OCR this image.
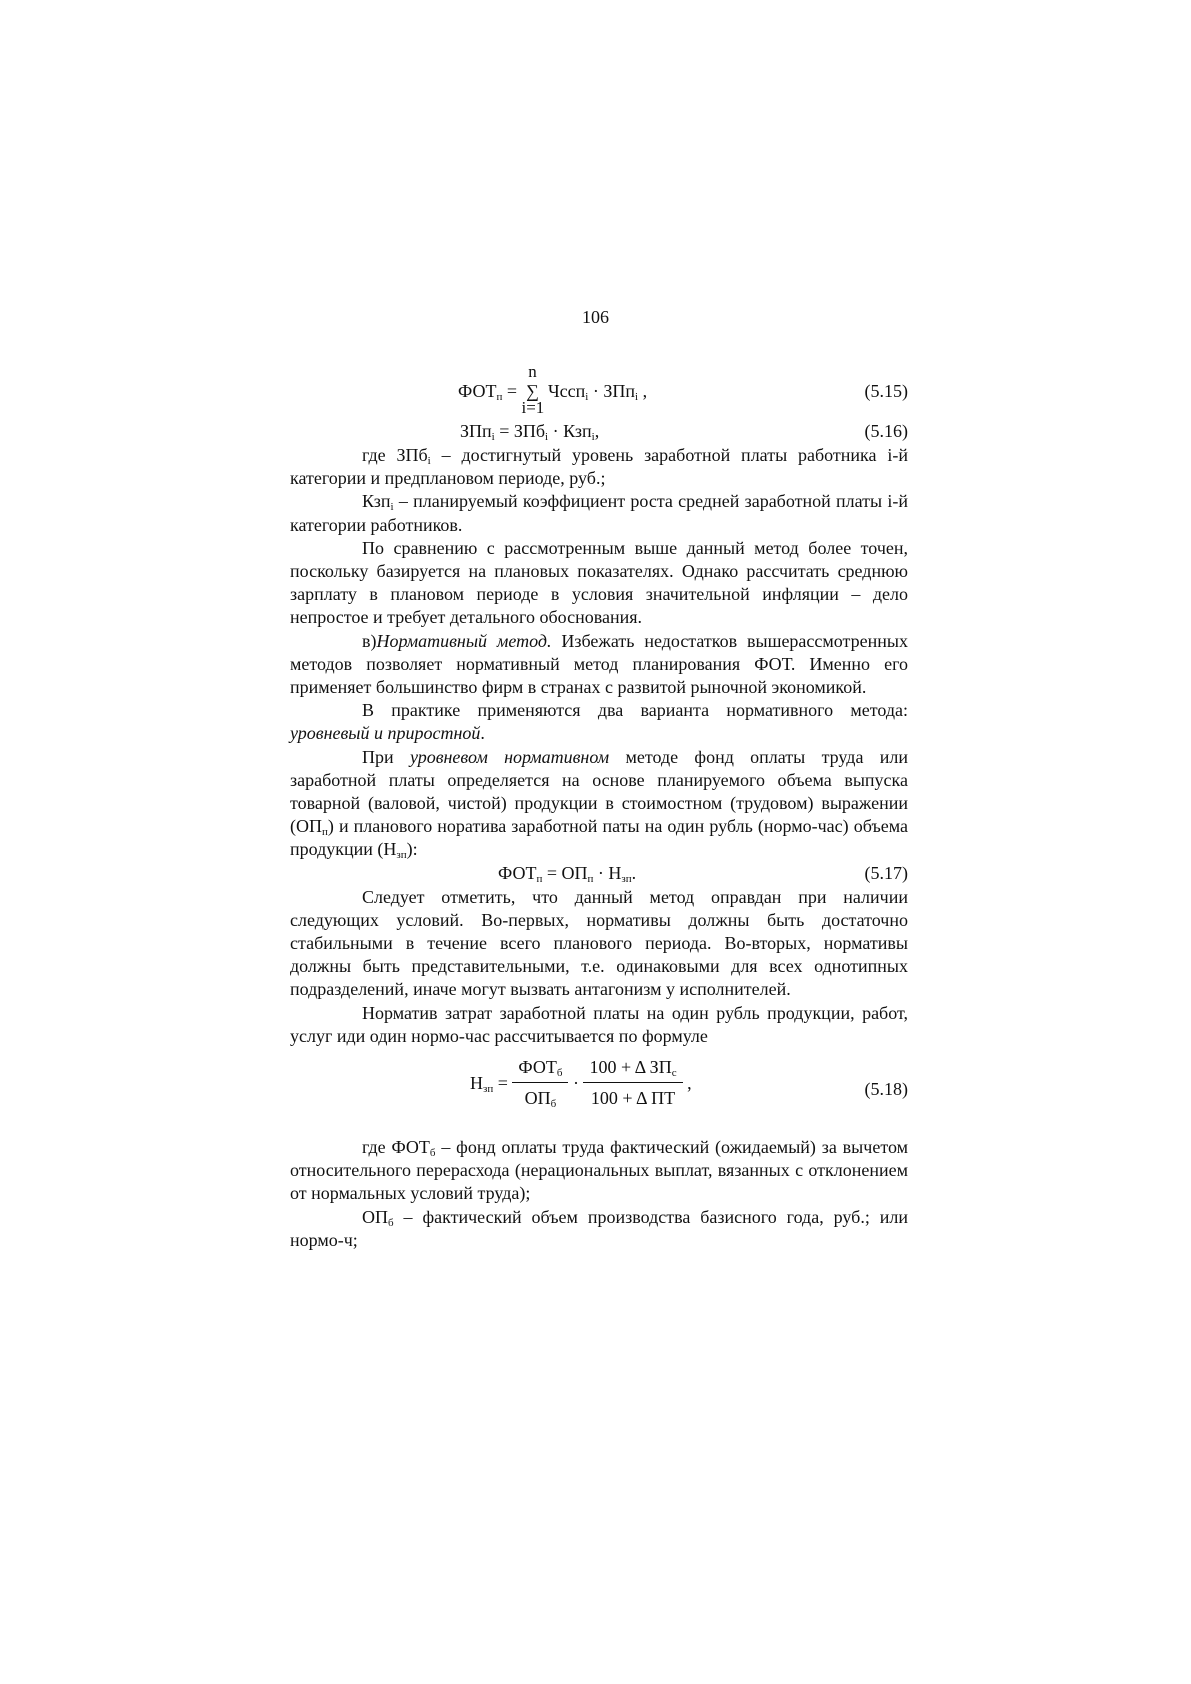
106
$ФОТ_п$ =
n
∑
i=1
Чссп$_i$ · ЗПп$_i$ ,	(5.15)
ЗПп$_i$ = ЗПб$_i$ · Кзп$_i$,	(5.16)

где ЗПб$_i$ – достигнутый уровень заработной платы работника i-й категории и предплановом периоде, руб.;

Кзп$_i$ – планируемый коэффициент роста средней заработной платы i-й категории работников.

По сравнению с рассмотренным выше данный метод более точен, поскольку базируется на плановых показателях. Однако рассчитать среднюю зарплату в плановом периоде в условия значительной инфляции – дело непростое и требует детального обоснования.

в)Нормативный метод. Избежать недостатков вышерассмотренных методов позволяет нормативный метод планирования ФОТ. Именно его применяет большинство фирм в странах с развитой рыночной экономикой.

В практике применяются два варианта нормативного метода: уровневый и приростной.

При уровневом нормативном методе фонд оплаты труда или заработной платы определяется на основе планируемого объема выпуска товарной (валовой, чистой) продукции в стоимостном (трудовом) выражении $(ОП_п)$ и планового норатива заработной паты на один рубль (нормо-час) объема продукции $(Н_{зп})$:

$ФОТ_п = ОП_п \cdot Н_{зп}$.	(5.17)

Следует отметить, что данный метод оправдан при наличии следующих условий. Во-первых, нормативы должны быть достаточно стабильными в течение всего планового периода. Во-вторых, нормативы должны быть представительными, т.е. одинаковыми для всех однотипных подразделений, иначе могут вызвать антагонизм у исполнителей.

Норматив затрат заработной платы на один рубль продукции, работ, услуг иди один нормо-час рассчитывается по формуле

$Н_{зп} = \frac{ФОТ_б}{ОП_б} \cdot \frac{100 + \Delta ЗП_с}{\text{100 + Δ ПТ}}$ ,	(5.18)

где $ФОТ_б$ – фонд оплаты труда фактический (ожидаемый) за вычетом относительного перерасхода (нерациональных выплат, вязанных с отклонением от нормальных условий труда);

$ОП_б$ – фактический объем производства базисного года, руб.; или нормо-ч;
